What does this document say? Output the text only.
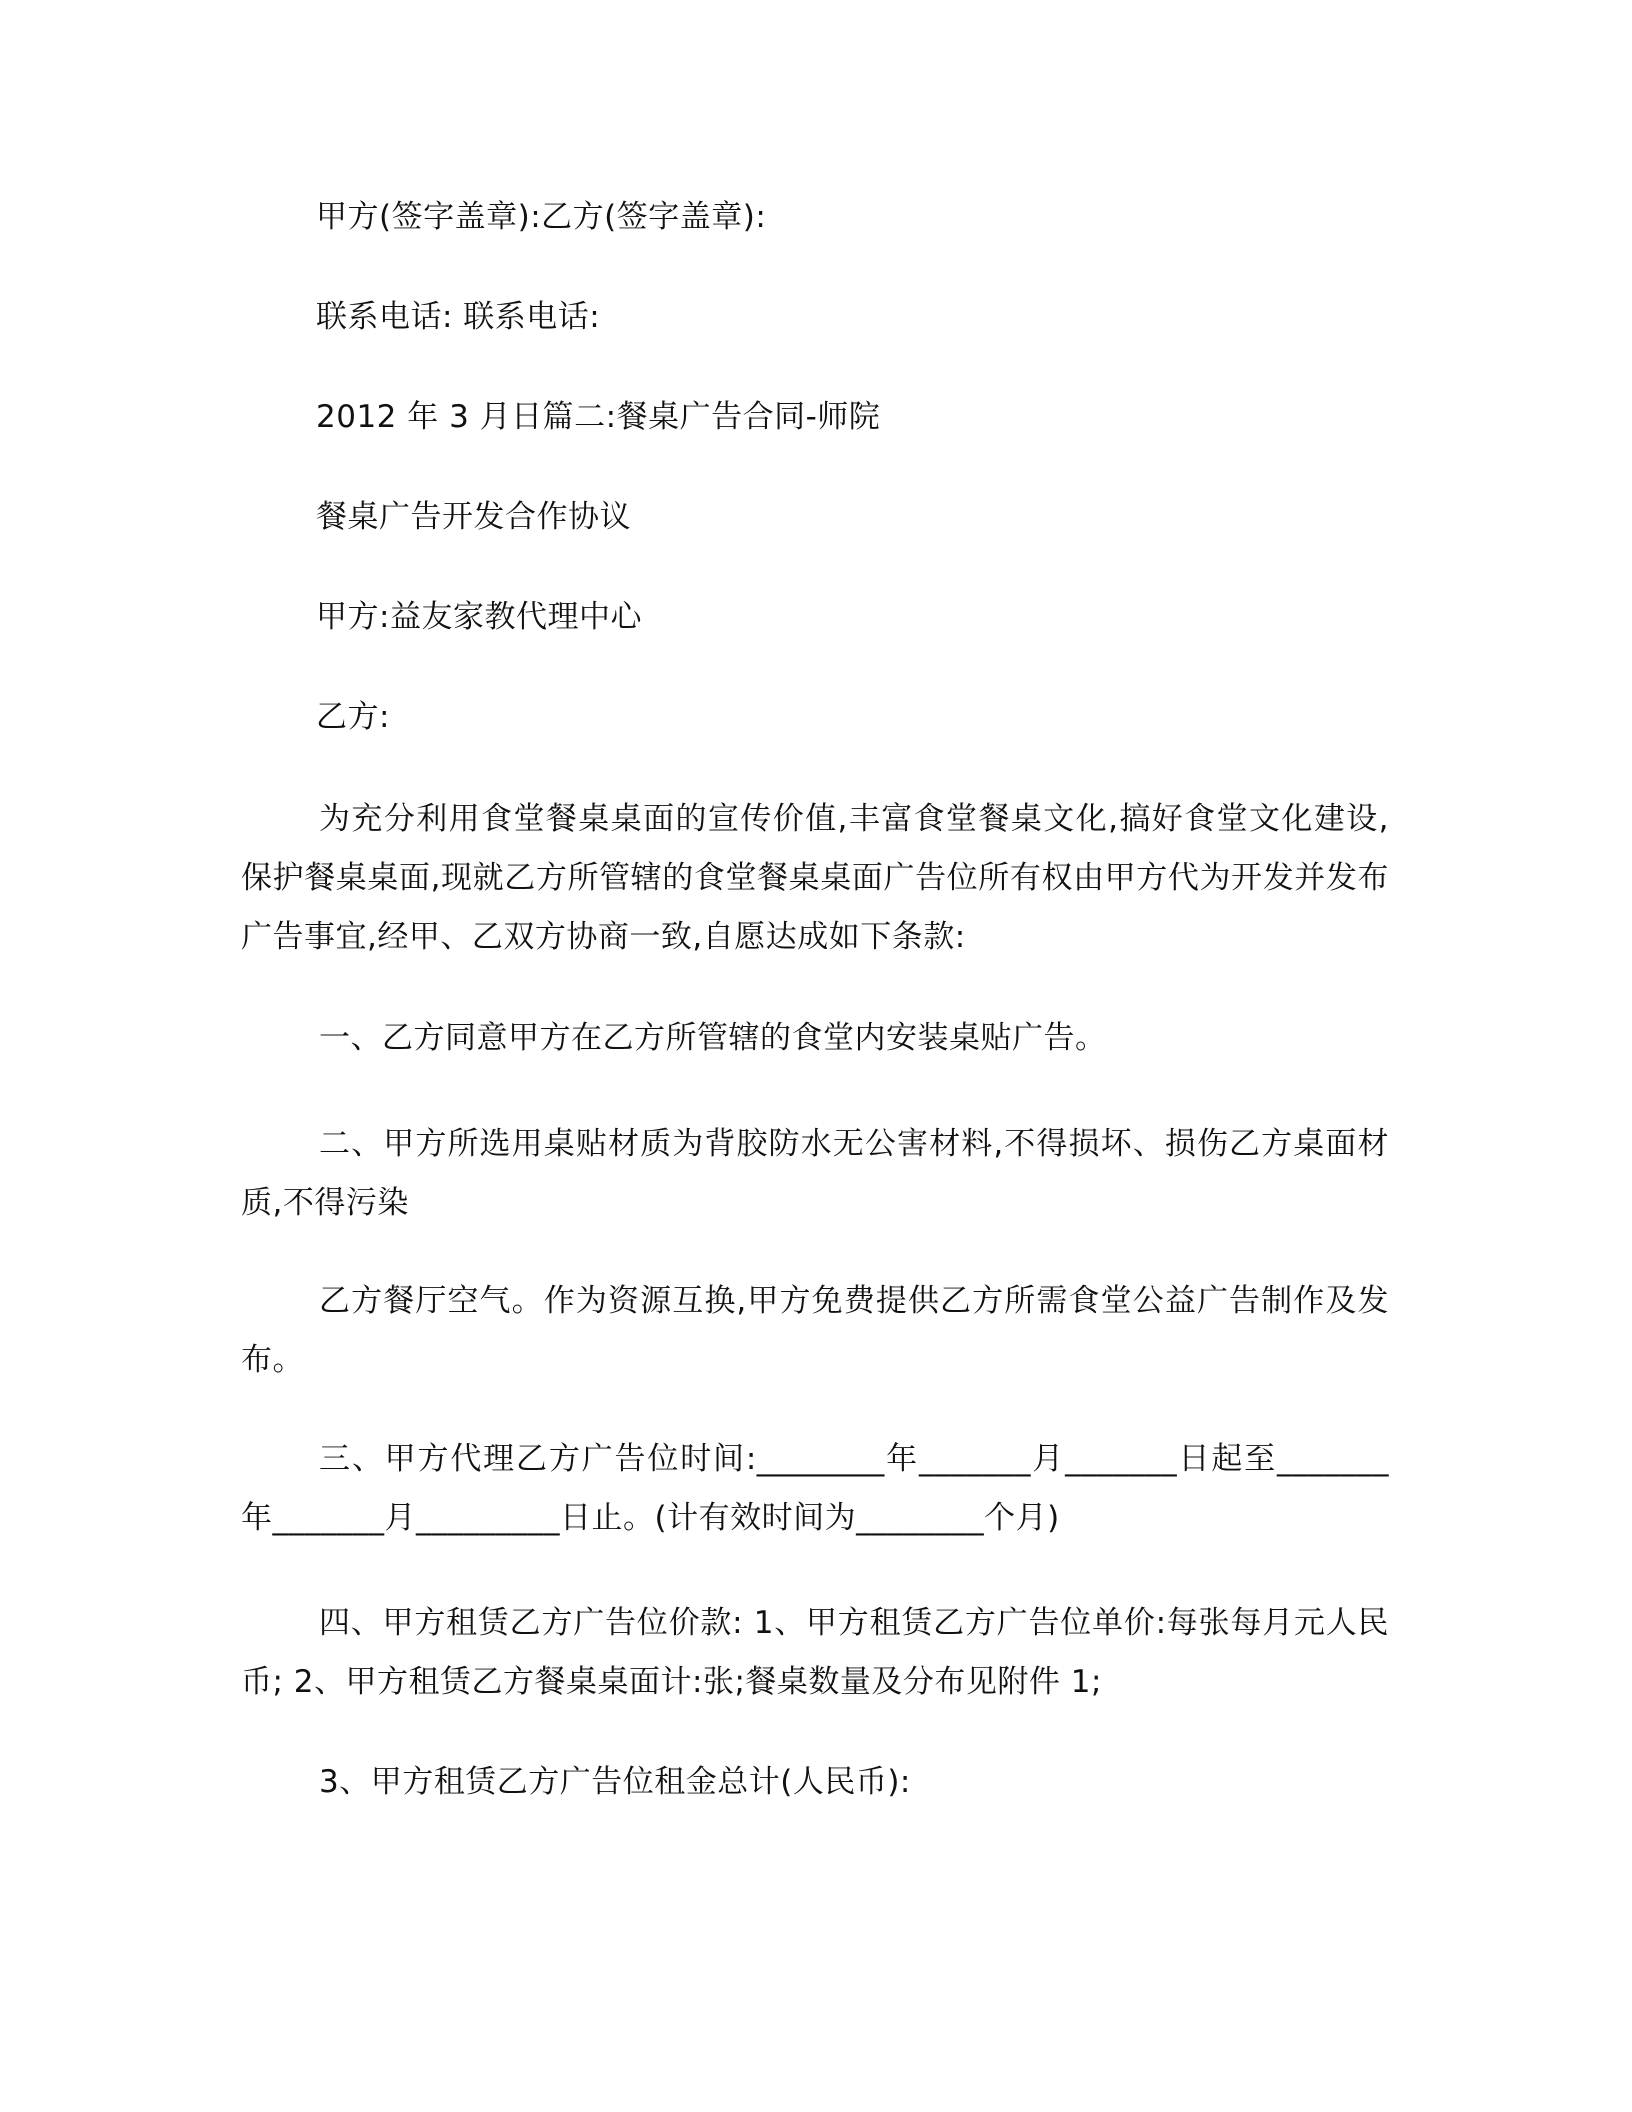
甲方(签字盖章):乙方(签字盖章):
联系电话: 联系电话:
2012 年 3 月日篇二:餐桌广告合同-师院
餐桌广告开发合作协议
甲方:益友家教代理中心
乙方:
为充分利用食堂餐桌桌面的宣传价值,丰富食堂餐桌文化,搞好食堂文化建设,保护餐桌桌面,现就乙方所管辖的食堂餐桌桌面广告位所有权由甲方代为开发并发布广告事宜,经甲、乙双方协商一致,自愿达成如下条款:
一、乙方同意甲方在乙方所管辖的食堂内安装桌贴广告。
二、甲方所选用桌贴材质为背胶防水无公害材料,不得损坏、损伤乙方桌面材质,不得污染
乙方餐厅空气。作为资源互换,甲方免费提供乙方所需食堂公益广告制作及发布。
三、甲方代理乙方广告位时间:________年_______月_______日起至_______年_______月_________日止。(计有效时间为________个月)
四、甲方租赁乙方广告位价款: 1、甲方租赁乙方广告位单价:每张每月元人民币; 2、甲方租赁乙方餐桌桌面计:张;餐桌数量及分布见附件 1;
3、甲方租赁乙方广告位租金总计(人民币):
